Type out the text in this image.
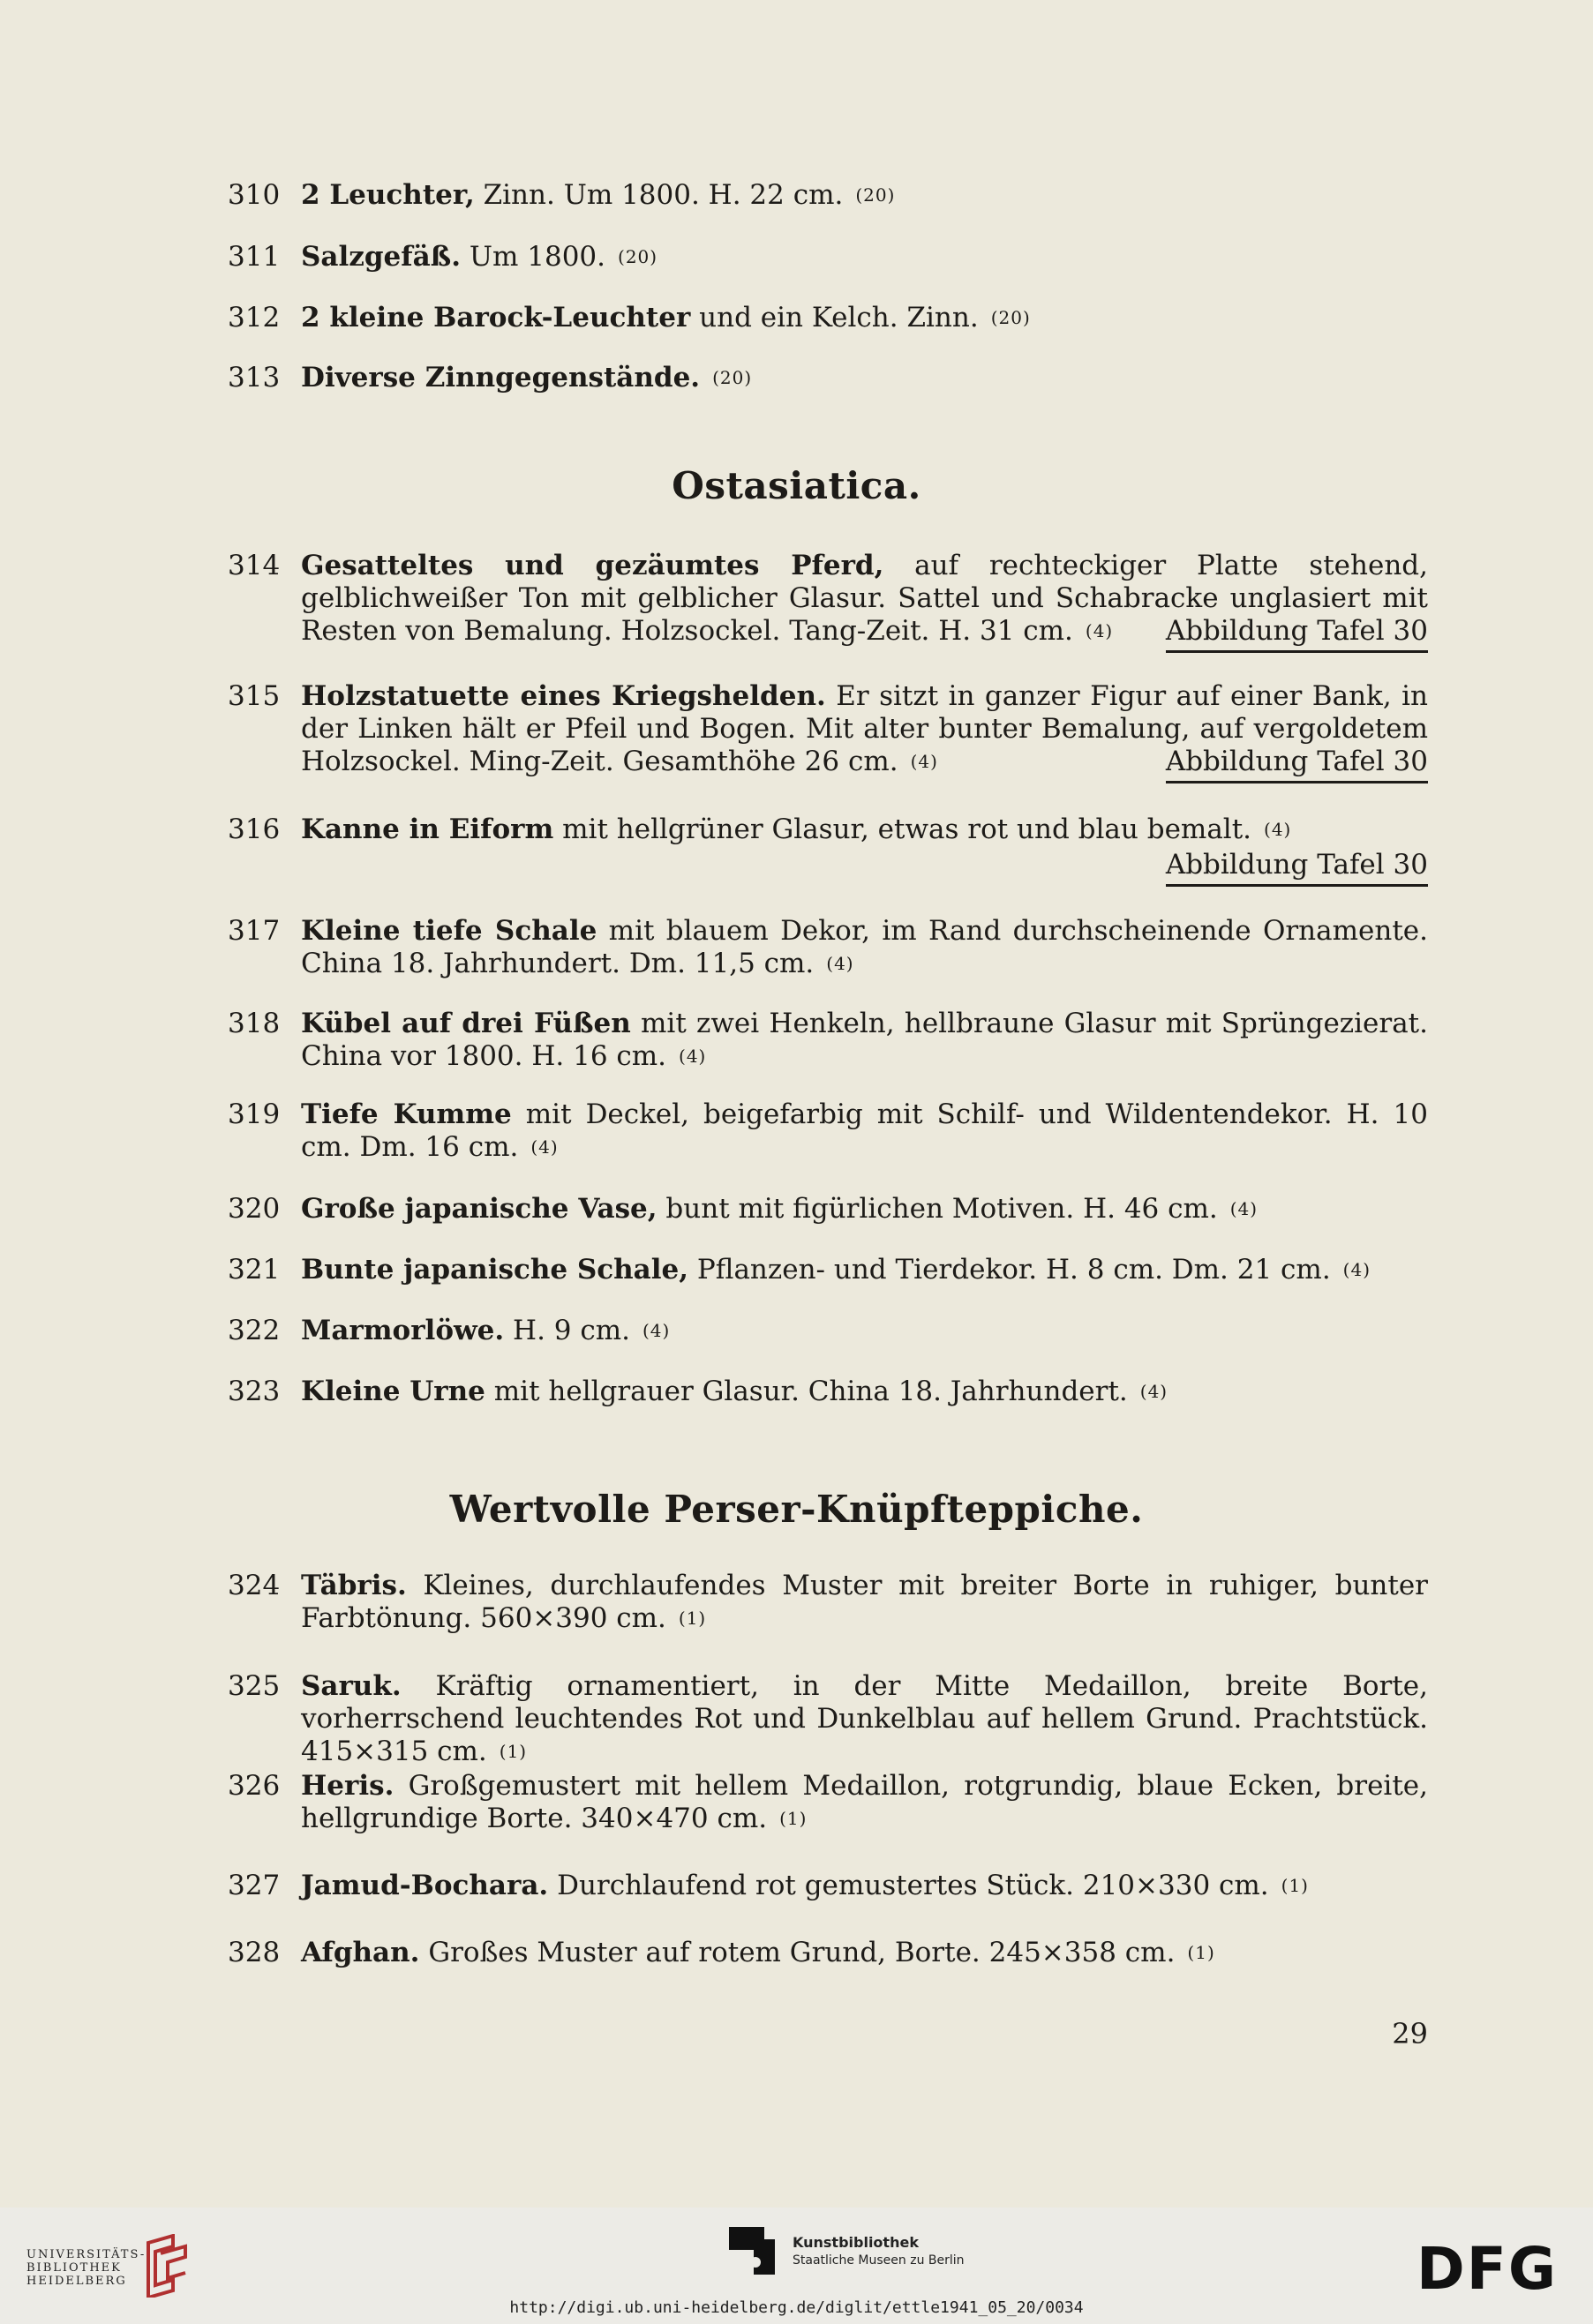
310 2 Leuchter, Zinn. Um 1800. H. 22 cm. (20)
311 Salzgefäß. Um 1800. (20)
312 2 kleine Barock-Leuchter und ein Kelch. Zinn. (20)
313 Diverse Zinngegenstände. (20)
Ostasiatica.
314 Gesatteltes und gezäumtes Pferd, auf rechteckiger Platte stehend, gelblichweißer Ton mit gelblicher Glasur. Sattel und Schabracke unglasiert mit Resten von Bemalung. Holzsockel. Tang-Zeit. H. 31 cm. (4)	Abbildung Tafel 30
315 Holzstatuette eines Kriegshelden. Er sitzt in ganzer Figur auf einer Bank, in der Linken hält er Pfeil und Bogen. Mit alter bunter Bemalung, auf vergoldetem Holzsockel. Ming-Zeit. Gesamthöhe 26 cm. (4)	Abbildung Tafel 30
316 Kanne in Eiform mit hellgrüner Glasur, etwas rot und blau bemalt. (4)
Abbildung Tafel 30
317 Kleine tiefe Schale mit blauem Dekor, im Rand durchscheinende Ornamente. China 18. Jahrhundert. Dm. 11,5 cm. (4)
318 Kübel auf drei Füßen mit zwei Henkeln, hellbraune Glasur mit Sprüngezierat. China vor 1800. H. 16 cm. (4)
319 Tiefe Kumme mit Deckel, beigefarbig mit Schilf- und Wildentendekor. H. 10 cm. Dm. 16 cm. (4)
320 Große japanische Vase, bunt mit figürlichen Motiven. H. 46 cm. (4)
321 Bunte japanische Schale, Pflanzen- und Tierdekor. H. 8 cm. Dm. 21 cm. (4)
322 Marmorlöwe. H. 9 cm. (4)
323 Kleine Urne mit hellgrauer Glasur. China 18. Jahrhundert. (4)
Wertvolle Perser-Knüpfteppiche.
324 Täbris. Kleines, durchlaufendes Muster mit breiter Borte in ruhiger, bunter Farbtönung. 560×390 cm. (1)
325 Saruk. Kräftig ornamentiert, in der Mitte Medaillon, breite Borte, vorherrschend leuchtendes Rot und Dunkelblau auf hellem Grund. Prachtstück. 415×315 cm. (1)
326 Heris. Großgemustert mit hellem Medaillon, rotgrundig, blaue Ecken, breite, hellgrundige Borte. 340×470 cm. (1)
327 Jamud-Bochara. Durchlaufend rot gemustertes Stück. 210×330 cm. (1)
328 Afghan. Großes Muster auf rotem Grund, Borte. 245×358 cm. (1)
29
UNIVERSITÄTS-
BIBLIOTHEK
HEIDELBERG
Kunstbibliothek
Staatliche Museen zu Berlin	DFG
http://digi.ub.uni-heidelberg.de/diglit/ettle1941_05_20/0034
